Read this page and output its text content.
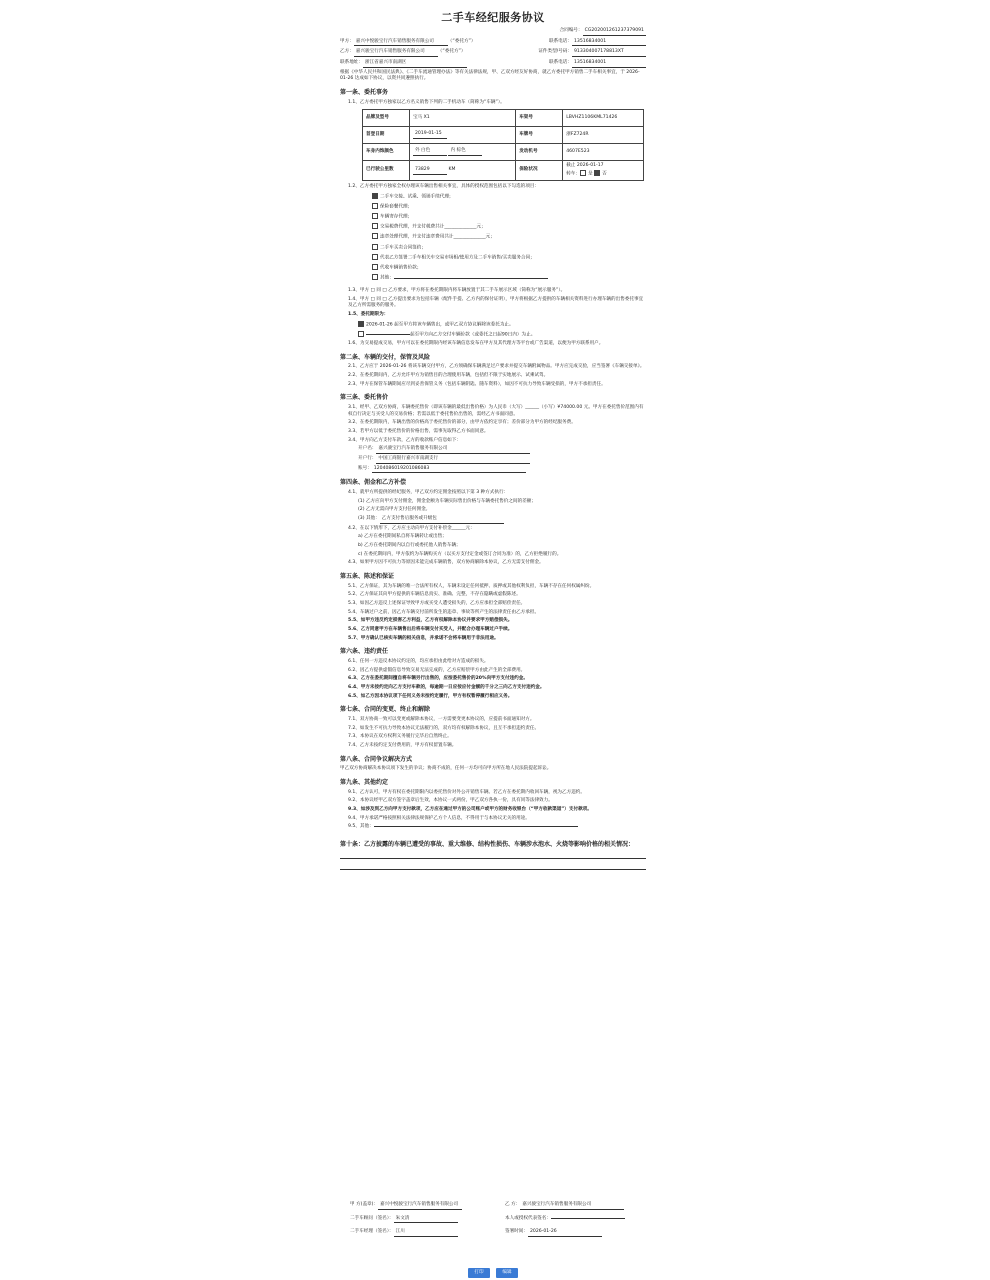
二手车经纪服务协议
合同编号： CG202001261237379091
甲方： 嘉兴中悦骏宝行汽车销售服务有限公司	（“委托方”）	联系电话： 13516834001
乙方： 嘉兴骏宝行汽车销售服务有限公司	（“委托方”）	证件类型/号码： 913304007178813XT
联系地址： 浙江省嘉兴市南湖区	联系电话： 13516834001
根据《中华人民共和国民法典》、《二手车流通管理办法》等有关法律法规，甲、乙双方经友好协商，就乙方委托甲方销售二手车相关事宜，于 2026-01-26 达成如下协议，以资共同遵照执行。
第一条、委托事务
1.1、乙方委托甲方独家以乙方名义销售下列的二手机动车（简称为“车辆”）。
品牌及型号	宝马 X1	车架号	LBVHZ1106KML71426
首登日期	2019-01-15	车牌号	浙FZ724R
车身内饰颜色	外 白色 内 棕色	发动机号	4607E523
已行驶公里数	73829 KM	保险状况	截止 2026-01-17
转车： 是 否
1.2、乙方委托甲方独家全权办理该车辆出售相关事宜，具体的授权范围包括以下勾选的项目：
二手车交接、试乘、领销手续代理；
保险套餐代理；
车辆寄存代理；
交易税费代理，并支付税费共计______________元；
违章处理代理，并支付违章费用共计______________元；
二手车买卖合同签约；
代表乙方签署二手车相关车交易市场相/使用方及二手车销售/买卖服务合同；
代收车辆销售价款；
其他：
1.3、甲方 □ 同 □ 乙方要求，甲方将在委托期限内将车辆放置于其二手车展示区域（简称为“展示服务”）。
1.4、甲方 □ 同 □ 乙方提出要求为包括车辆（配件手提、乙方内的保付证明），甲方将根据乙方提供的车辆相关资料进行办理车辆的出售委托事宜及乙方所需服务的服务。
1.5、委托期限为：
2026-01-26 起至甲方将该车辆售出，或甲乙双方协议解除该委托为止。
起至甲方向乙方交付车辆价款（或委托之日起90日内）为止。
1.6、为交易提成交易，甲方可以在委托期限内经该车辆信息发布在甲方及其代理方等平台或广告渠道，以便为甲方联系用户。
第二条、车辆的交付，保管及风险
2.1、乙方应于 2026-01-26 将该车辆交付甲方，乙方须确保车辆满足过户要求并提交车辆附属物品。甲方应完成交验，应当签署《车辆交接单》。
2.2、在委托期间内，乙方允许甲方为销售目的合理使用车辆，包括但不限于实地展示、试乘试驾。
2.3、甲方在保管车辆期间应尽到妥善保管义务（包括车辆钥匙、随车资料），如因不可抗力导致车辆受损的，甲方不承担责任。
第三条、委托售价
3.1、经甲、乙双方协商，车辆委托售价（即该车辆的最低出售价格）为人民币（大写）______（小写）¥74000.00 元。甲方在委托售价范围内有权自行决定与买受人的交易价格；若需以低于委托售价出售的，需经乙方书面同意。
3.2、在委托期限内，车辆出售的价格高于委托售价的部分，由甲方依约定享有；差价部分为甲方的经纪服务费。
3.3、若甲方以低于委托售价的价格出售，需事先取得乙方书面同意。
3.4、甲方向乙方支付车款，乙方的收款账户信息如下：
开户名： 嘉兴骏宝行汽车销售服务有限公司
开户行： 中国工商银行嘉兴市南湖支行
账号： 1204086019201086083
第四条、佣金和乙方补偿
4.1、就甲方所提供的经纪服务，甲乙双方约定佣金按照以下第 3 种方式执行：
(1) 乙方应向甲方支付佣金，佣金金额为车辆实际售出价格与车辆委托售价之间的差额；
(2) 乙方无需向甲方支付任何佣金。
(3) 其他： 乙方支付售后服务或升级包
4.2、在以下情形下，乙方应主动向甲方支付补偿金______元：
a) 乙方在委托期间私自将车辆转让或出售；
b) 乙方在委托期间内以自行或委托他人销售车辆；
c) 在委托期间内，甲方依约为车辆购买方（以买方支付定金或签订合同为准）的，乙方拒绝履行的。
4.3、如果甲方因不可抗力等原因未能完成车辆销售，双方协商解除本协议，乙方无需支付佣金。
第五条、陈述和保证
5.1、乙方保证，其为车辆的唯一合法所有权人，车辆未设定任何抵押、质押或其他权利负担，车辆不存在任何权属纠纷。
5.2、乙方保证其向甲方提供的车辆信息真实、准确、完整，不存在隐瞒或虚假陈述。
5.3、如因乙方违反上述保证导致甲方或买受人遭受损失的，乙方应承担全部赔偿责任。
5.4、车辆过户之前，因乙方车辆交付前所发生的违章、事故等所产生的法律责任由乙方承担。
5.5、如甲方违反约定损害乙方利益，乙方有权解除本协议并要求甲方赔偿损失。
5.6、乙方同意甲方在车辆售出后将车辆交付买受人，并配合办理车辆过户手续。
5.7、甲方确认已核实车辆的相关信息，并承诺不会将车辆用于非法用途。
第六条、违约责任
6.1、任何一方违反本协议约定的，均应承担由此给对方造成的损失。
6.2、因乙方提供虚假信息导致交易无法完成的，乙方应赔偿甲方由此产生的全部费用。
6.3、乙方在委托期间擅自将车辆另行出售的，应按委托售价的20%向甲方支付违约金。
6.4、甲方未按约定向乙方支付车款的，每逾期一日应按应付金额的千分之三向乙方支付违约金。
6.5、如乙方因本协议项下任何义务未按约定履行，甲方有权暂停履行相应义务。
第七条、合同的变更、终止和解除
7.1、双方协商一致可以变更或解除本协议，一方需要变更本协议的，应提前书面通知对方。
7.2、如发生不可抗力导致本协议无法履行的，双方均有权解除本协议，且互不承担违约责任。
7.3、本协议在双方权利义务履行完毕后自然终止。
7.4、乙方未按约定支付费用的，甲方有权留置车辆。
第八条、合同争议解决方式
甲乙双方协商解决本协议项下发生的争议；协商不成的，任何一方均可向甲方所在地人民法院提起诉讼。
第九条、其他约定
9.1、乙方认可，甲方有权在委托期限内以委托售价对外公开销售车辆。若乙方在委托期内收回车辆，视为乙方违约。
9.2、本协议经甲乙双方签字盖章后生效，本协议一式两份，甲乙双方各执一份，具有同等法律效力。
9.3、如涉及到乙方向甲方支付款项，乙方应在通过甲方的公司账户或甲方的财务收银台（“甲方收款渠道”）支付款项。
9.4、甲方承诺严格按照相关法律法规保护乙方个人信息，不得用于与本协议无关的用途。
9.5、其他：
第十条：乙方披露的车辆已遭受的事故、重大维修、结构性损伤、车辆涉水泡水、火烧等影响价格的相关情况：
甲 方(盖章)： 嘉兴中悦骏宝行汽车销售服务有限公司	乙 方： 嘉兴骏宝行汽车销售服务有限公司
二手车顾问（签名）： 朱文清	本人或授权代表签名：
二手车经理（签名）： 江川	签署时间： 2026-01-26
打印	编辑
